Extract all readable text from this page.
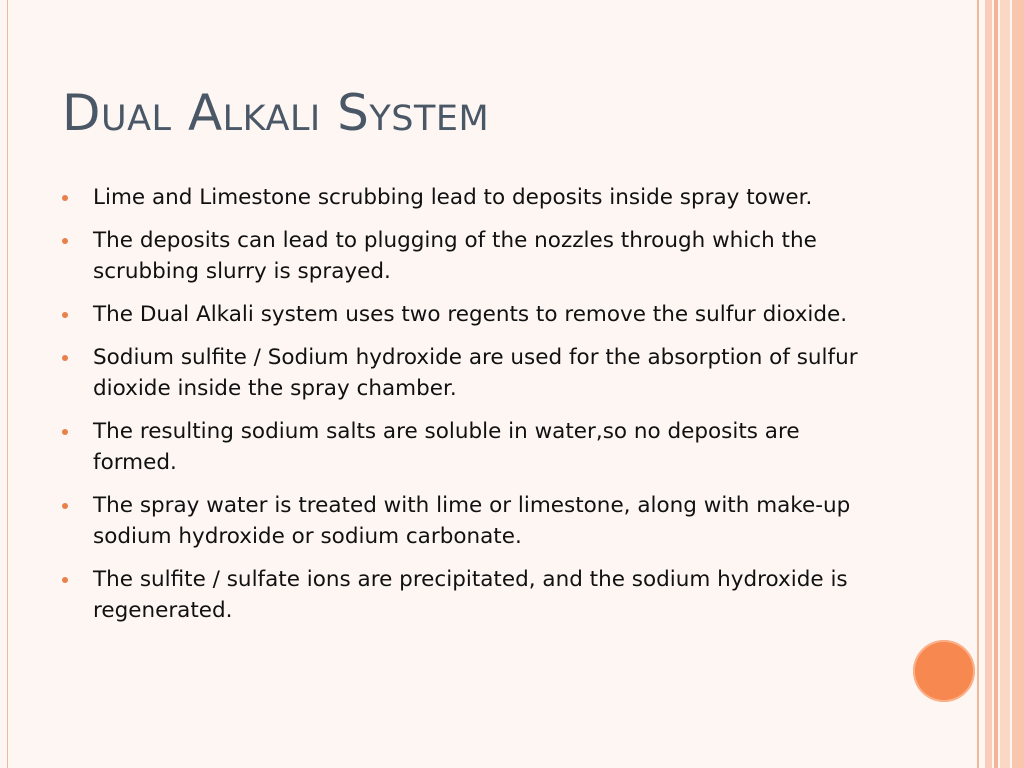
Dual Alkali System
Lime and Limestone scrubbing lead to deposits inside spray tower.
The deposits can lead to plugging of the nozzles through which the scrubbing slurry is sprayed.
The Dual Alkali system uses two regents to remove the sulfur dioxide.
Sodium sulfite / Sodium hydroxide are used for the absorption of sulfur dioxide inside the spray chamber.
The resulting sodium salts are soluble in water,so no deposits are formed.
The spray water is treated with lime or limestone, along with make-up sodium hydroxide or sodium carbonate.
The sulfite / sulfate ions are precipitated, and the sodium hydroxide is regenerated.
